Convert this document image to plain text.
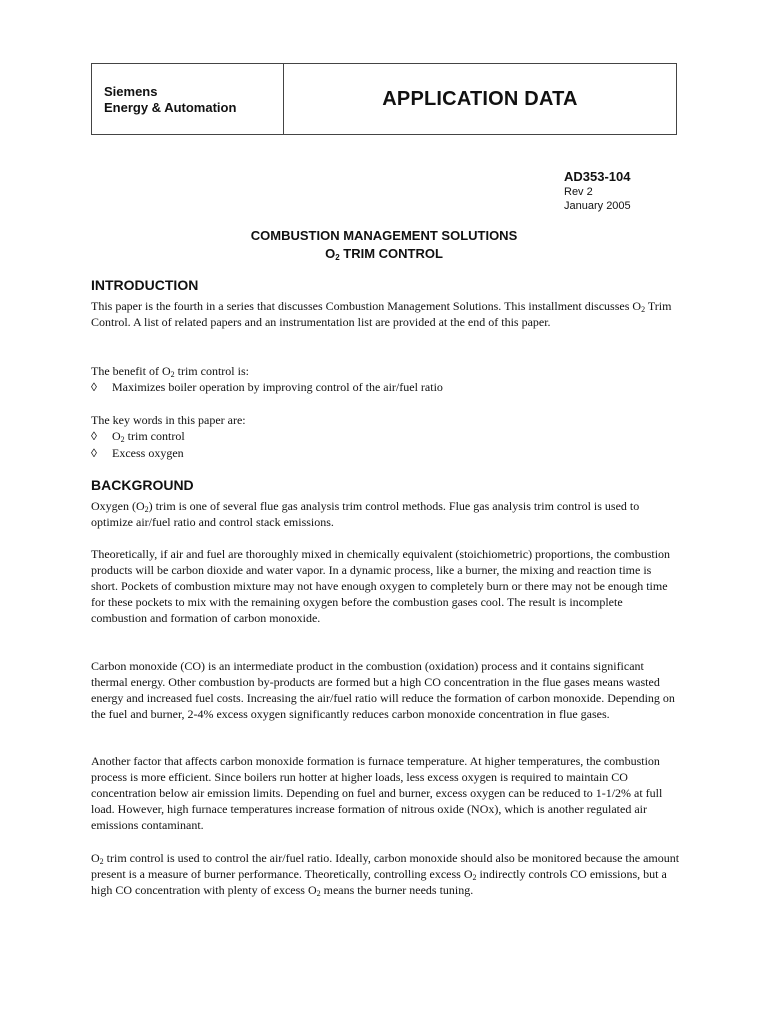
Siemens
Energy & Automation	APPLICATION DATA
AD353-104
Rev 2
January 2005
COMBUSTION MANAGEMENT SOLUTIONS
$O_2$ TRIM CONTROL
INTRODUCTION
This paper is the fourth in a series that discusses Combustion Management Solutions. This installment discusses $O_2$ Trim Control. A list of related papers and an instrumentation list are provided at the end of this paper.
The benefit of $O_2$ trim control is:
◊ Maximizes boiler operation by improving control of the air/fuel ratio
The key words in this paper are:
◊ $O_2$ trim control
◊ Excess oxygen
BACKGROUND
Oxygen $(O_2)$ trim is one of several flue gas analysis trim control methods. Flue gas analysis trim control is used to optimize air/fuel ratio and control stack emissions.
Theoretically, if air and fuel are thoroughly mixed in chemically equivalent (stoichiometric) proportions, the combustion products will be carbon dioxide and water vapor. In a dynamic process, like a burner, the mixing and reaction time is short. Pockets of combustion mixture may not have enough oxygen to completely burn or there may not be enough time for these pockets to mix with the remaining oxygen before the combustion gases cool. The result is incomplete combustion and formation of carbon monoxide.
Carbon monoxide (CO) is an intermediate product in the combustion (oxidation) process and it contains significant thermal energy. Other combustion by-products are formed but a high CO concentration in the flue gases means wasted energy and increased fuel costs. Increasing the air/fuel ratio will reduce the formation of carbon monoxide. Depending on the fuel and burner, 2-4% excess oxygen significantly reduces carbon monoxide concentration in flue gases.
Another factor that affects carbon monoxide formation is furnace temperature. At higher temperatures, the combustion process is more efficient. Since boilers run hotter at higher loads, less excess oxygen is required to maintain CO concentration below air emission limits. Depending on fuel and burner, excess oxygen can be reduced to 1-1/2% at full load. However, high furnace temperatures increase formation of nitrous oxide (NOx), which is another regulated air emissions contaminant.
$O_2$ trim control is used to control the air/fuel ratio. Ideally, carbon monoxide should also be monitored because the amount present is a measure of burner performance. Theoretically, controlling excess $O_2$ indirectly controls CO emissions, but a high CO concentration with plenty of excess $O_2$ means the burner needs tuning.
